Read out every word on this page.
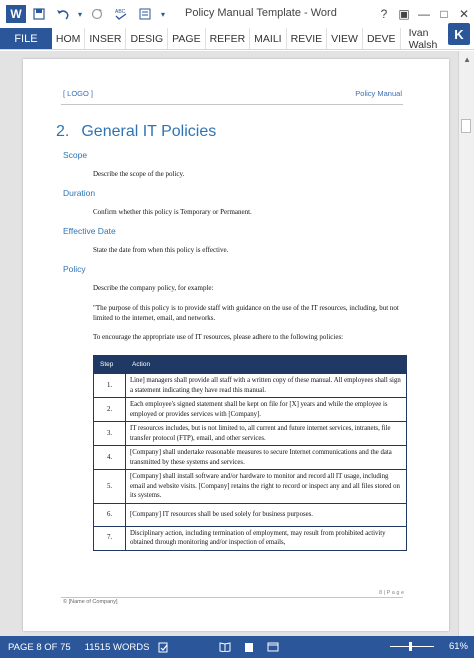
W	▾	ABC	▾ Policy Manual Template - Word	? ▣ — □ ✕
FILE	HOM INSER DESIG PAGE REFER MAILI REVIE VIEW DEVE	Ivan Walsh
K
[ LOGO ]	Policy Manual
2. General IT Policies
Scope
Describe the scope of the policy.
Duration
Confirm whether this policy is Temporary or Permanent.
Effective Date
State the date from when this policy is effective.
Policy
Describe the company policy, for example:
"The purpose of this policy is to provide staff with guidance on the use of the IT resources, including, but not limited to the internet, email, and networks.
To encourage the appropriate use of IT resources, please adhere to the following policies:
Step	Action
1.	Line] managers shall provide all staff with a written copy of these manual. All employees shall sign a statement indicating they have read this manual.
2.	Each employee's signed statement shall be kept on file for [X] years and while the employee is employed or provides services with [Company].
3.	IT resources includes, but is not limited to, all current and future internet services, intranets, file transfer protocol (FTP), email, and other services.
4.	[Company] shall undertake reasonable measures to secure Internet communications and the data transmitted by these systems and services.
5.	[Company] shall install software and/or hardware to monitor and record all IT usage, including email and website visits. [Company] retains the right to record or inspect any and all files stored on its systems.
6.	[Company] IT resources shall be used solely for business purposes.
7.	Disciplinary action, including termination of employment, may result from prohibited activity obtained through monitoring and/or inspection of emails,
8 | P a g e
© [Name of Company]
▲
PAGE 8 OF 75 11515 WORDS	61%
